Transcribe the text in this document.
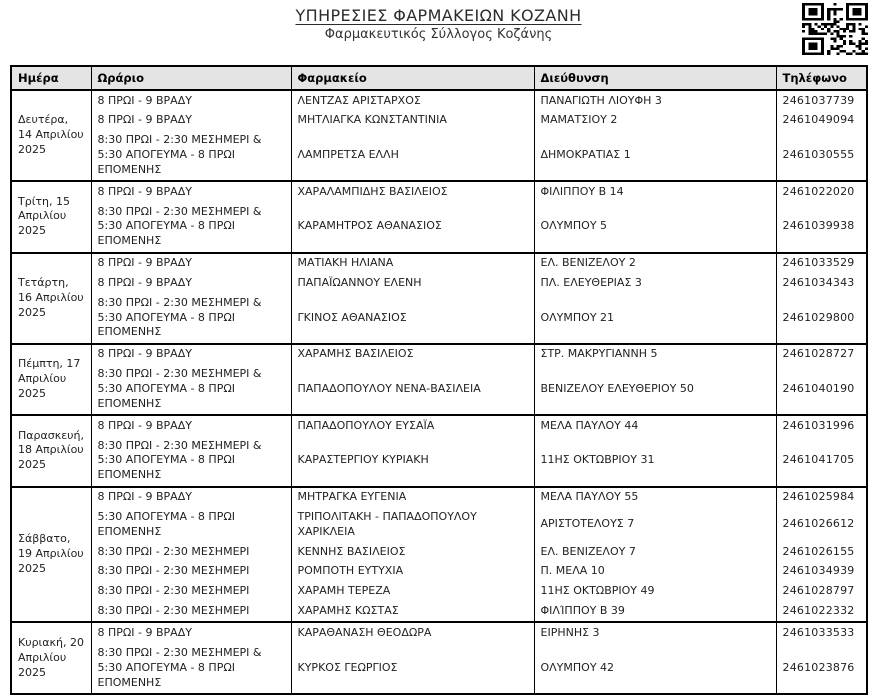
ΥΠΗΡΕΣΙΕΣ ΦΑΡΜΑΚΕΙΩΝ ΚΟΖΑΝΗ
Φαρμακευτικός Σύλλογος Κοζάνης
Ημέρα	Ωράριο	Φαρμακείο	Διεύθυνση	Τηλέφωνο
Δευτέρα, 14 Απριλίου 2025	8 ΠΡΩΙ - 9 ΒΡΑΔΥ	ΛΕΝΤΖΑΣ ΑΡΙΣΤΑΡΧΟΣ	ΠΑΝΑΓΙΩΤΗ ΛΙΟΥΦΗ 3	2461037739
	8 ΠΡΩΙ - 9 ΒΡΑΔΥ	ΜΗΤΛΙΑΓΚΑ ΚΩΝΣΤΑΝΤΙΝΙΑ	ΜΑΜΑΤΣΙΟΥ 2	2461049094
	8:30 ΠΡΩΙ - 2:30 ΜΕΣΗΜΕΡΙ & 5:30 ΑΠΟΓΕΥΜΑ - 8 ΠΡΩΙ ΕΠΟΜΕΝΗΣ	ΛΑΜΠΡΕΤΣΑ ΕΛΛΗ	ΔΗΜΟΚΡΑΤΙΑΣ 1	2461030555
Τρίτη, 15 Απριλίου 2025	8 ΠΡΩΙ - 9 ΒΡΑΔΥ	ΧΑΡΑΛΑΜΠΙΔΗΣ ΒΑΣΙΛΕΙΟΣ	ΦΙΛΙΠΠΟΥ Β 14	2461022020
	8:30 ΠΡΩΙ - 2:30 ΜΕΣΗΜΕΡΙ & 5:30 ΑΠΟΓΕΥΜΑ - 8 ΠΡΩΙ ΕΠΟΜΕΝΗΣ	ΚΑΡΑΜΗΤΡΟΣ ΑΘΑΝΑΣΙΟΣ	ΟΛΥΜΠΟΥ 5	2461039938
Τετάρτη, 16 Απριλίου 2025	8 ΠΡΩΙ - 9 ΒΡΑΔΥ	ΜΑΤΙΑΚΗ ΗΛΙΑΝΑ	ΕΛ. ΒΕΝΙΖΕΛΟΥ 2	2461033529
	8 ΠΡΩΙ - 9 ΒΡΑΔΥ	ΠΑΠΑΪΩΑΝΝΟΥ ΕΛΕΝΗ	ΠΛ. ΕΛΕΥΘΕΡΙΑΣ 3	2461034343
	8:30 ΠΡΩΙ - 2:30 ΜΕΣΗΜΕΡΙ & 5:30 ΑΠΟΓΕΥΜΑ - 8 ΠΡΩΙ ΕΠΟΜΕΝΗΣ	ΓΚΙΝΟΣ ΑΘΑΝΑΣΙΟΣ	ΟΛΥΜΠΟΥ 21	2461029800
Πέμπτη, 17 Απριλίου 2025	8 ΠΡΩΙ - 9 ΒΡΑΔΥ	ΧΑΡΑΜΗΣ ΒΑΣΙΛΕΙΟΣ	ΣΤΡ. ΜΑΚΡΥΓΙΑΝΝΗ 5	2461028727
	8:30 ΠΡΩΙ - 2:30 ΜΕΣΗΜΕΡΙ & 5:30 ΑΠΟΓΕΥΜΑ - 8 ΠΡΩΙ ΕΠΟΜΕΝΗΣ	ΠΑΠΑΔΟΠΟΥΛΟΥ ΝΕΝΑ-ΒΑΣΙΛΕΙΑ	ΒΕΝΙΖΕΛΟΥ ΕΛΕΥΘΕΡΙΟΥ 50	2461040190
Παρασκευή, 18 Απριλίου 2025	8 ΠΡΩΙ - 9 ΒΡΑΔΥ	ΠΑΠΑΔΟΠΟΥΛΟΥ ΕΥΣΑΪΑ	ΜΕΛΑ ΠΑΥΛΟΥ 44	2461031996
	8:30 ΠΡΩΙ - 2:30 ΜΕΣΗΜΕΡΙ & 5:30 ΑΠΟΓΕΥΜΑ - 8 ΠΡΩΙ ΕΠΟΜΕΝΗΣ	ΚΑΡΑΣΤΕΡΓΙΟΥ ΚΥΡΙΑΚΗ	11ΗΣ ΟΚΤΩΒΡΙΟΥ 31	2461041705
Σάββατο, 19 Απριλίου 2025	8 ΠΡΩΙ - 9 ΒΡΑΔΥ	ΜΗΤΡΑΓΚΑ ΕΥΓΕΝΙΑ	ΜΕΛΑ ΠΑΥΛΟΥ 55	2461025984
	5:30 ΑΠΟΓΕΥΜΑ - 8 ΠΡΩΙ ΕΠΟΜΕΝΗΣ	ΤΡΙΠΟΛΙΤΑΚΗ - ΠΑΠΑΔΟΠΟΥΛΟΥ ΧΑΡΙΚΛΕΙΑ	ΑΡΙΣΤΟΤΕΛΟΥΣ 7	2461026612
	8:30 ΠΡΩΙ - 2:30 ΜΕΣΗΜΕΡΙ	ΚΕΝΝΗΣ ΒΑΣΙΛΕΙΟΣ	ΕΛ. ΒΕΝΙΖΕΛΟΥ 7	2461026155
	8:30 ΠΡΩΙ - 2:30 ΜΕΣΗΜΕΡΙ	ΡΟΜΠΟΤΗ ΕΥΤΥΧΙΑ	Π. ΜΕΛΑ 10	2461034939
	8:30 ΠΡΩΙ - 2:30 ΜΕΣΗΜΕΡΙ	ΧΑΡΑΜΗ ΤΕΡΕΖΑ	11ΗΣ ΟΚΤΩΒΡΙΟΥ 49	2461028797
	8:30 ΠΡΩΙ - 2:30 ΜΕΣΗΜΕΡΙ	ΧΑΡΑΜΗΣ ΚΩΣΤΑΣ	ΦΙΛΊΠΠΟΥ Β 39	2461022332
Κυριακή, 20 Απριλίου 2025	8 ΠΡΩΙ - 9 ΒΡΑΔΥ	ΚΑΡΑΘΑΝΑΣΗ ΘΕΟΔΩΡΑ	ΕΙΡΗΝΗΣ 3	2461033533
	8:30 ΠΡΩΙ - 2:30 ΜΕΣΗΜΕΡΙ & 5:30 ΑΠΟΓΕΥΜΑ - 8 ΠΡΩΙ ΕΠΟΜΕΝΗΣ	ΚΥΡΚΟΣ ΓΕΩΡΓΙΟΣ	ΟΛΥΜΠΟΥ 42	2461023876
